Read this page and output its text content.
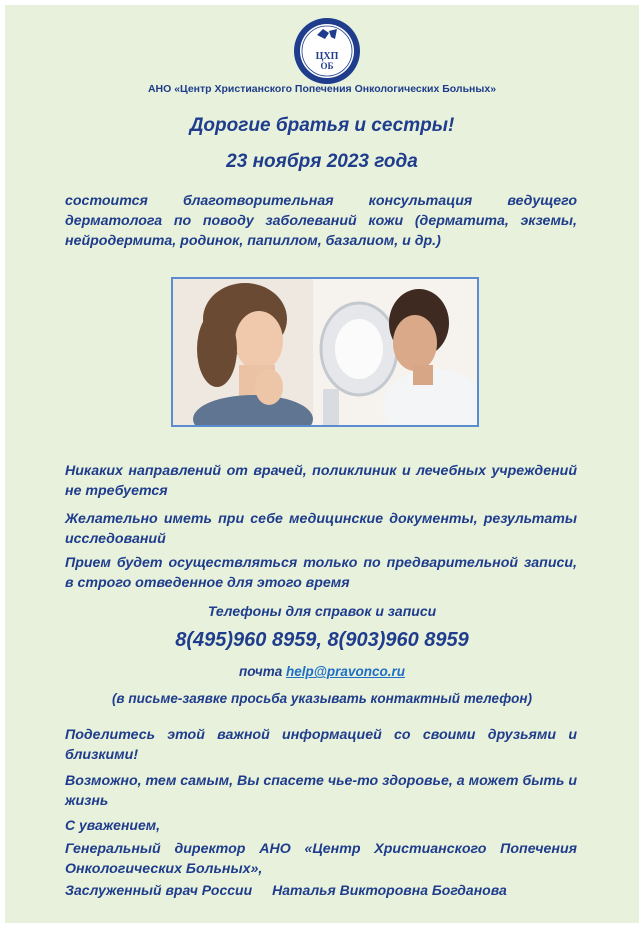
ЦХП
ОБ
АНО «Центр Христианского Попечения Онкологических Больных»
Дорогие братья и сестры!
23 ноября 2023 года
состоится благотворительная консультация ведущего дерматолога по поводу заболеваний кожи (дерматита, экземы, нейродермита, родинок, папиллом, базалиом, и др.)
Никаких направлений от врачей, поликлиник и лечебных учреждений не требуется
Желательно иметь при себе медицинские документы, результаты исследований
Прием будет осуществляться только по предварительной записи, в строго отведенное для этого время
Телефоны для справок и записи
8(495)960 8959, 8(903)960 8959
почта help@pravonco.ru
(в письме-заявке просьба указывать контактный телефон)
Поделитесь этой важной информацией со своими друзьями и близкими!
Возможно, тем самым, Вы спасете чье-то здоровье, а может быть и жизнь
С уважением,
Генеральный директор АНО «Центр Христианского Попечения Онкологических Больных»,
Заслуженный врач России Наталья Викторовна Богданова
